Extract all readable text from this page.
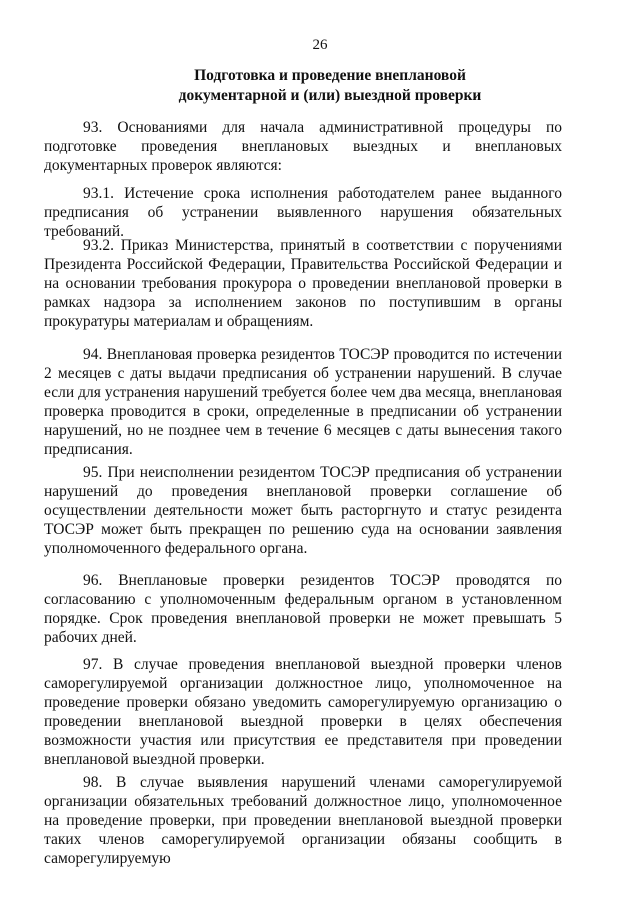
26
Подготовка и проведение внеплановой
документарной и (или) выездной проверки

93. Основаниями для начала административной процедуры по подготовке проведения внеплановых выездных и внеплановых документарных проверок являются:

93.1. Истечение срока исполнения работодателем ранее выданного предписания об устранении выявленного нарушения обязательных требований.

93.2. Приказ Министерства, принятый в соответствии с поручениями Президента Российской Федерации, Правительства Российской Федерации и на основании требования прокурора о проведении внеплановой проверки в рамках надзора за исполнением законов по поступившим в органы прокуратуры материалам и обращениям.

94. Внеплановая проверка резидентов ТОСЭР проводится по истечении 2 месяцев с даты выдачи предписания об устранении нарушений. В случае если для устранения нарушений требуется более чем два месяца, внеплановая проверка проводится в сроки, определенные в предписании об устранении нарушений, но не позднее чем в течение 6 месяцев с даты вынесения такого предписания.

95. При неисполнении резидентом ТОСЭР предписания об устранении нарушений до проведения внеплановой проверки соглашение об осуществлении деятельности может быть расторгнуто и статус резидента ТОСЭР может быть прекращен по решению суда на основании заявления уполномоченного федерального органа.

96. Внеплановые проверки резидентов ТОСЭР проводятся по согласованию с уполномоченным федеральным органом в установленном порядке. Срок проведения внеплановой проверки не может превышать 5 рабочих дней.

97. В случае проведения внеплановой выездной проверки членов саморегулируемой организации должностное лицо, уполномоченное на проведение проверки обязано уведомить саморегулируемую организацию о проведении внеплановой выездной проверки в целях обеспечения возможности участия или присутствия ее представителя при проведении внеплановой выездной проверки.

98. В случае выявления нарушений членами саморегулируемой организации обязательных требований должностное лицо, уполномоченное на проведение проверки, при проведении внеплановой выездной проверки таких членов саморегулируемой организации обязаны сообщить в саморегулируемую
